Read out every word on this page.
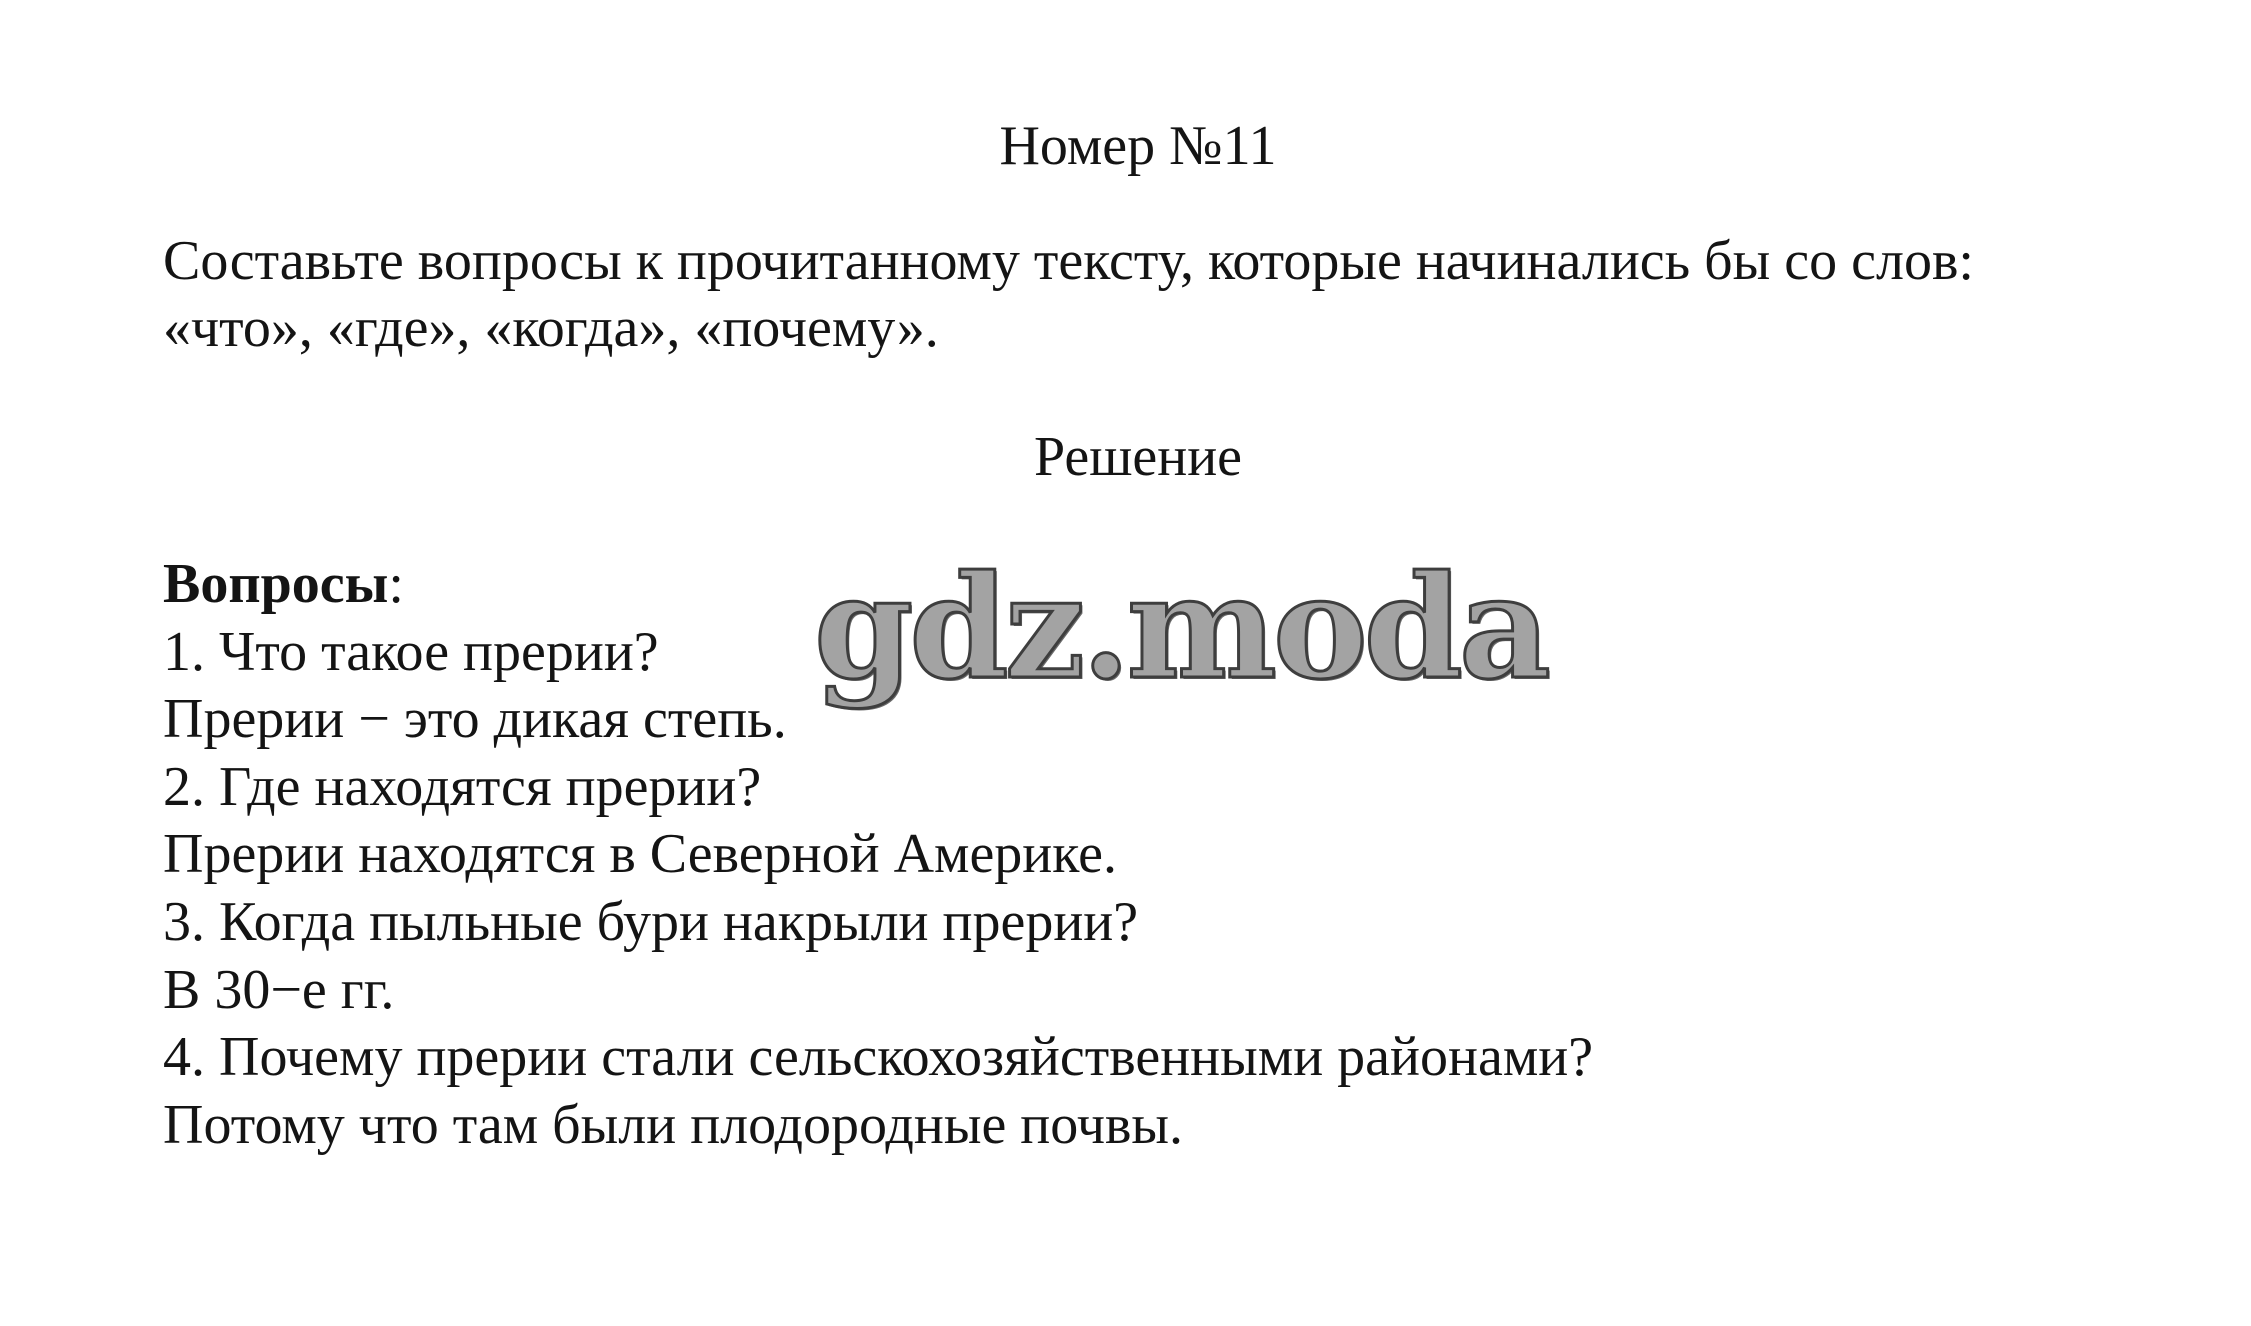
Номер №11
Составьте вопросы к прочитанному тексту, которые начинались бы со слов:
«что», «где», «когда», «почему».
Решение
Вопросы:
1. Что такое прерии?
Прерии − это дикая степь.
2. Где находятся прерии?
Прерии находятся в Северной Америке.
3. Когда пыльные бури накрыли прерии?
В 30−е гг.
4. Почему прерии стали сельскохозяйственными районами?
Потому что там были плодородные почвы.
gdz.moda
